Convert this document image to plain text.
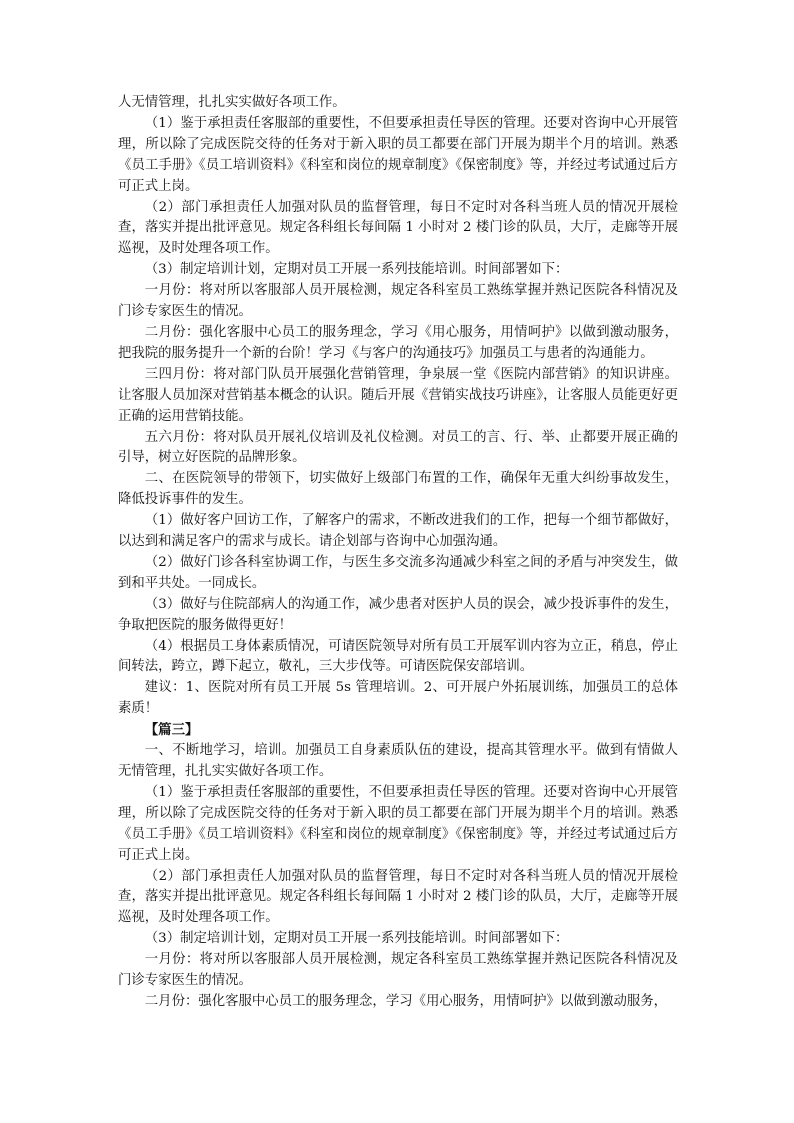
人无情管理，扎扎实实做好各项工作。

（1）鉴于承担责任客服部的重要性，不但要承担责任导医的管理。还要对咨询中心开展管理，所以除了完成医院交待的任务对于新入职的员工都要在部门开展为期半个月的培训。熟悉《员工手册》《员工培训资料》《科室和岗位的规章制度》《保密制度》等，并经过考试通过后方可正式上岗。

（2）部门承担责任人加强对队员的监督管理，每日不定时对各科当班人员的情况开展检查，落实并提出批评意见。规定各科组长每间隔 1 小时对 2 楼门诊的队员，大厅，走廊等开展巡视，及时处理各项工作。

（3）制定培训计划，定期对员工开展一系列技能培训。时间部署如下：

一月份：将对所以客服部人员开展检测，规定各科室员工熟练掌握并熟记医院各科情况及门诊专家医生的情况。

二月份：强化客服中心员工的服务理念，学习《用心服务，用情呵护》以做到激动服务，把我院的服务提升一个新的台阶！学习《与客户的沟通技巧》加强员工与患者的沟通能力。

三四月份：将对部门队员开展强化营销管理，争泉展一堂《医院内部营销》的知识讲座。让客服人员加深对营销基本概念的认识。随后开展《营销实战技巧讲座》，让客服人员能更好更正确的运用营销技能。

五六月份：将对队员开展礼仪培训及礼仪检测。对员工的言、行、举、止都要开展正确的引导，树立好医院的品牌形象。

二、在医院领导的带领下，切实做好上级部门布置的工作，确保年无重大纠纷事故发生，降低投诉事件的发生。

（1）做好客户回访工作，了解客户的需求，不断改进我们的工作，把每一个细节都做好，以达到和满足客户的需求与成长。请企划部与咨询中心加强沟通。

（2）做好门诊各科室协调工作，与医生多交流多沟通减少科室之间的矛盾与冲突发生，做到和平共处。一同成长。

（3）做好与住院部病人的沟通工作，减少患者对医护人员的误会，减少投诉事件的发生，争取把医院的服务做得更好！

（4）根据员工身体素质情况，可请医院领导对所有员工开展军训内容为立正，稍息，停止间转法，跨立，蹲下起立，敬礼，三大步伐等。可请医院保安部培训。

建议：1、医院对所有员工开展 5s 管理培训。2、可开展户外拓展训练，加强员工的总体素质！

【篇三】

一、不断地学习，培训。加强员工自身素质队伍的建设，提高其管理水平。做到有情做人无情管理，扎扎实实做好各项工作。

（1）鉴于承担责任客服部的重要性，不但要承担责任导医的管理。还要对咨询中心开展管理，所以除了完成医院交待的任务对于新入职的员工都要在部门开展为期半个月的培训。熟悉《员工手册》《员工培训资料》《科室和岗位的规章制度》《保密制度》等，并经过考试通过后方可正式上岗。

（2）部门承担责任人加强对队员的监督管理，每日不定时对各科当班人员的情况开展检查，落实并提出批评意见。规定各科组长每间隔 1 小时对 2 楼门诊的队员，大厅，走廊等开展巡视，及时处理各项工作。

（3）制定培训计划，定期对员工开展一系列技能培训。时间部署如下：

一月份：将对所以客服部人员开展检测，规定各科室员工熟练掌握并熟记医院各科情况及门诊专家医生的情况。

二月份：强化客服中心员工的服务理念，学习《用心服务，用情呵护》以做到激动服务，
